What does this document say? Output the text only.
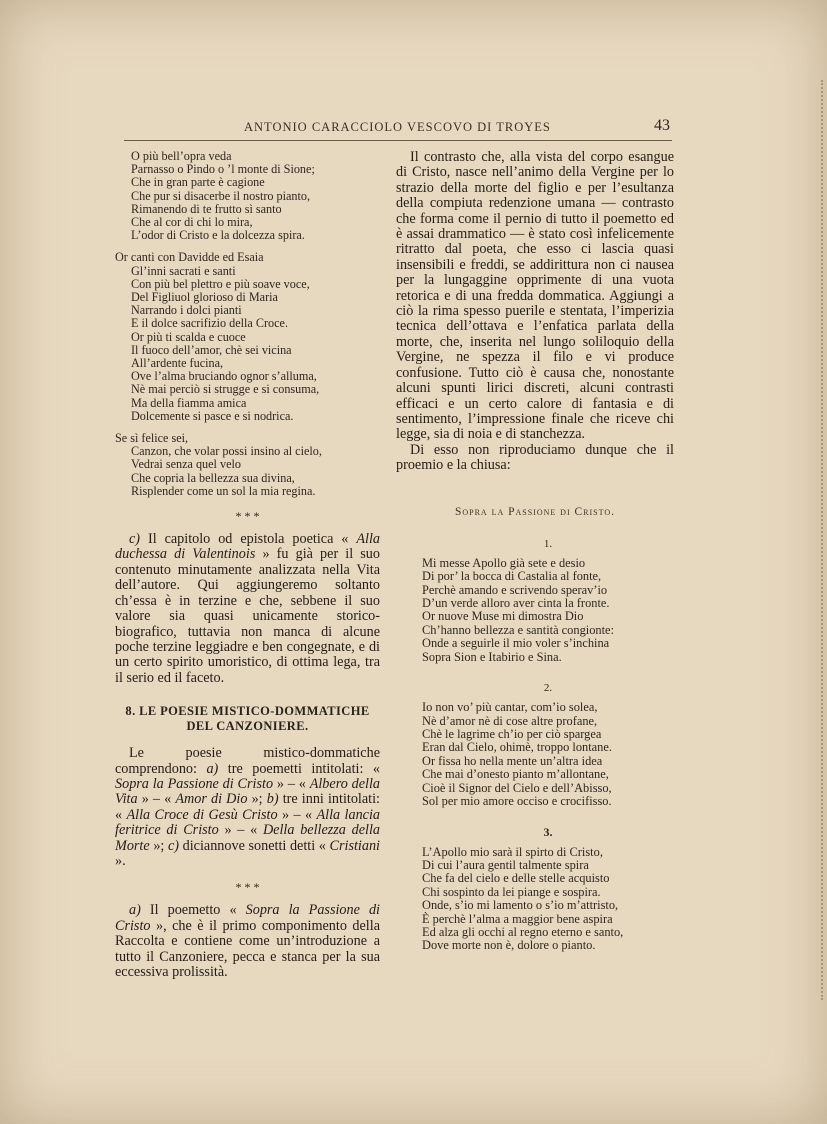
ANTONIO CARACCIOLO VESCOVO DI TROYES	43
O più bell’opra veda
Parnasso o Pindo o ’l monte di Sione;
Che in gran parte è cagione
Che pur si disacerbe il nostro pianto,
Rimanendo di te frutto sì santo
Che al cor di chi lo mira,
L’odor di Cristo e la dolcezza spira.
Or canti con Davidde ed Esaia
Gl’inni sacrati e santi
Con più bel plettro e più soave voce,
Del Figliuol glorioso di Maria
Narrando i dolci pianti
E il dolce sacrifizio della Croce.
Or più ti scalda e cuoce
Il fuoco dell’amor, chè sei vicina
All’ardente fucina,
Ove l’alma bruciando ognor s’alluma,
Nè mai perciò si strugge e si consuma,
Ma della fiamma amica
Dolcemente si pasce e si nodrica.
Se sì felice sei,
Canzon, che volar possi insino al cielo,
Vedrai senza quel velo
Che copria la bellezza sua divina,
Risplender come un sol la mia regina.
* * *

c) Il capitolo od epistola poetica « Alla duchessa di Valentinois » fu già per il suo contenuto minutamente analizzata nella Vita dell’autore. Qui aggiungeremo soltanto ch’essa è in terzine e che, sebbene il suo valore sia quasi unicamente storico-biografico, tuttavia non manca di alcune poche terzine leggiadre e ben congegnate, e di un certo spirito umoristico, di ottima lega, tra il serio ed il faceto.

8. LE POESIE MISTICO-DOMMATICHE
DEL CANZONIERE.

Le poesie mistico-dommatiche comprendono: a) tre poemetti intitolati: « Sopra la Passione di Cristo » – « Albero della Vita » – « Amor di Dio »; b) tre inni intitolati: « Alla Croce di Gesù Cristo » – « Alla lancia feritrice di Cristo » – « Della bellezza della Morte »; c) diciannove sonetti detti « Cristiani ».

* * *

a) Il poemetto « Sopra la Passione di Cristo », che è il primo componimento della Raccolta e contiene come un’introduzione a tutto il Canzoniere, pecca e stanca per la sua eccessiva prolissità.

Il contrasto che, alla vista del corpo esangue di Cristo, nasce nell’animo della Vergine per lo strazio della morte del figlio e per l’esultanza della compiuta redenzione umana — contrasto che forma come il pernio di tutto il poemetto ed è assai drammatico — è stato così infelicemente ritratto dal poeta, che esso ci lascia quasi insensibili e freddi, se addirittura non ci nausea per la lungaggine opprimente di una vuota retorica e di una fredda dommatica. Aggiungi a ciò la rima spesso puerile e stentata, l’imperizia tecnica dell’ottava e l’enfatica parlata della morte, che, inserita nel lungo soliloquio della Vergine, ne spezza il filo e vi produce confusione. Tutto ciò è causa che, nonostante alcuni spunti lirici discreti, alcuni contrasti efficaci e un certo calore di fantasia e di sentimento, l’impressione finale che riceve chi legge, sia di noia e di stanchezza.

Di esso non riproduciamo dunque che il proemio e la chiusa:

Sopra la Passione di Cristo.
1.
Mi messe Apollo già sete e desio
Di por’ la bocca di Castalia al fonte,
Perchè amando e scrivendo sperav’io
D’un verde alloro aver cinta la fronte.
Or nuove Muse mi dimostra Dio
Ch’hanno bellezza e santità congionte:
Onde a seguirle il mio voler s’inchina
Sopra Sion e Itabirio e Sina.
2.
Io non vo’ più cantar, com’io solea,
Nè d’amor nè di cose altre profane,
Chè le lagrime ch’io per ciò spargea
Eran dal Cielo, ohimè, troppo lontane.
Or fissa ho nella mente un’altra idea
Che mai d’onesto pianto m’allontane,
Cioè il Signor del Cielo e dell’Abisso,
Sol per mio amore occiso e crocifisso.
3.
L’Apollo mio sarà il spirto di Cristo,
Di cui l’aura gentil talmente spira
Che fa del cielo e delle stelle acquisto
Chi sospinto da lei piange e sospira.
Onde, s’io mi lamento o s’io m’attristo,
È perchè l’alma a maggior bene aspira
Ed alza gli occhi al regno eterno e santo,
Dove morte non è, dolore o pianto.
